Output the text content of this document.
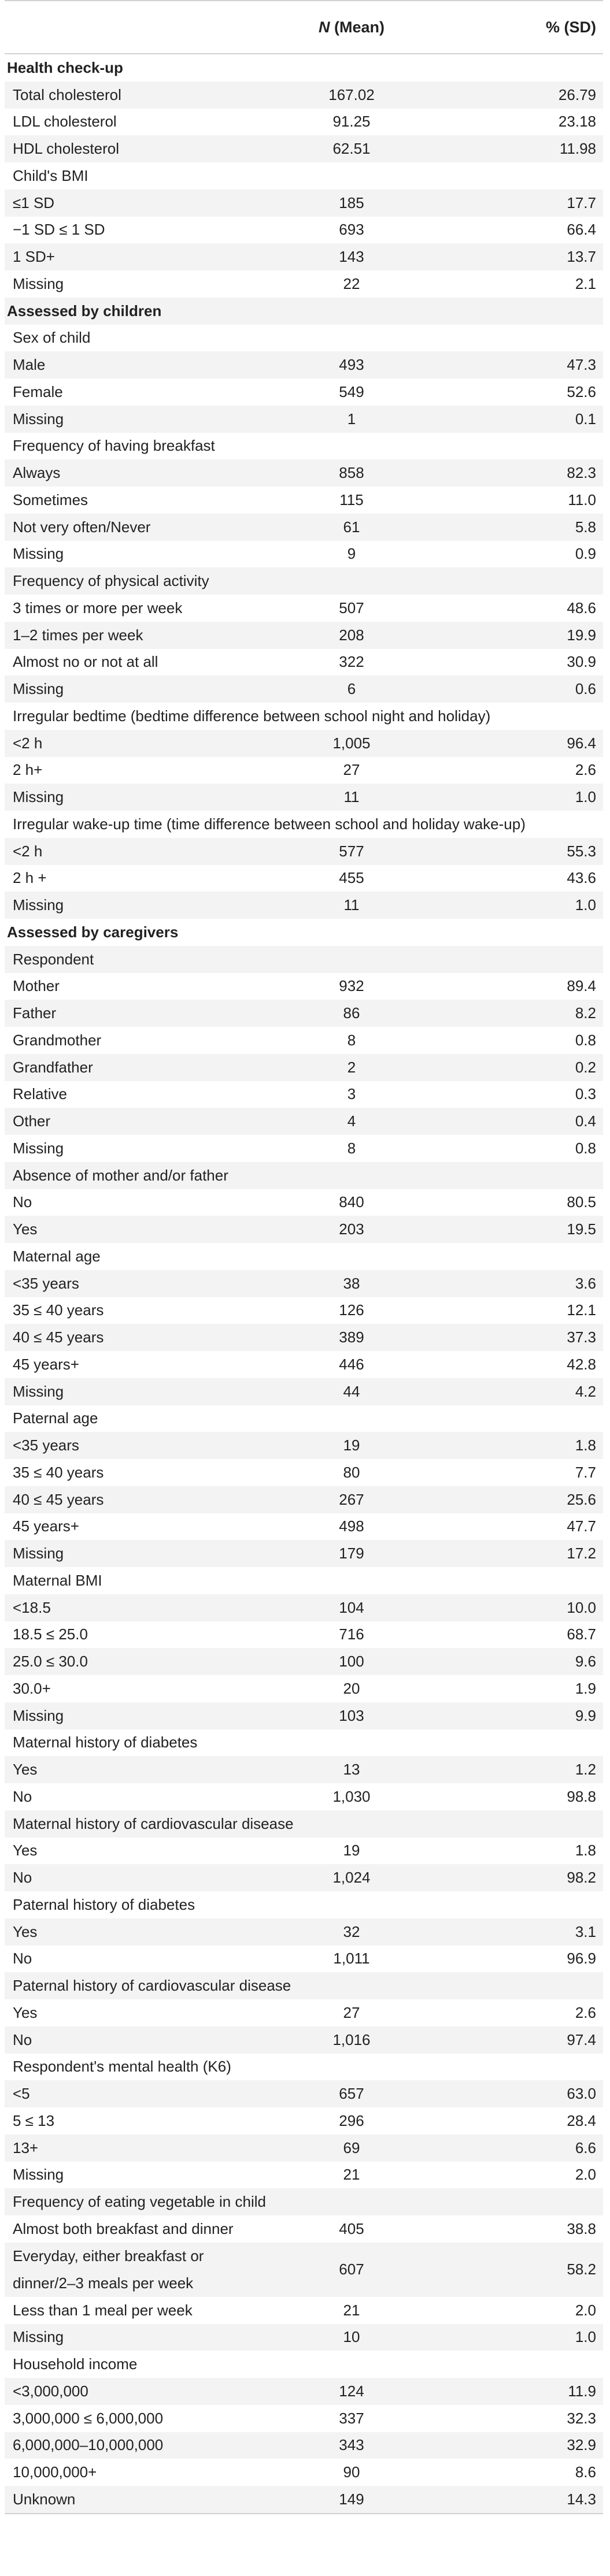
	N (Mean)	% (SD)
Health check-up		
Total cholesterol	167.02	26.79
LDL cholesterol	91.25	23.18
HDL cholesterol	62.51	11.98
Child's BMI		
≤1 SD	185	17.7
−1 SD ≤ 1 SD	693	66.4
1 SD+	143	13.7
Missing	22	2.1
Assessed by children		
Sex of child		
Male	493	47.3
Female	549	52.6
Missing	1	0.1
Frequency of having breakfast		
Always	858	82.3
Sometimes	115	11.0
Not very often/Never	61	5.8
Missing	9	0.9
Frequency of physical activity		
3 times or more per week	507	48.6
1–2 times per week	208	19.9
Almost no or not at all	322	30.9
Missing	6	0.6
Irregular bedtime (bedtime difference between school night and holiday)		
<2 h	1,005	96.4
2 h+	27	2.6
Missing	11	1.0
Irregular wake-up time (time difference between school and holiday wake-up)		
<2 h	577	55.3
2 h +	455	43.6
Missing	11	1.0
Assessed by caregivers		
Respondent		
Mother	932	89.4
Father	86	8.2
Grandmother	8	0.8
Grandfather	2	0.2
Relative	3	0.3
Other	4	0.4
Missing	8	0.8
Absence of mother and/or father		
No	840	80.5
Yes	203	19.5
Maternal age		
<35 years	38	3.6
35 ≤ 40 years	126	12.1
40 ≤ 45 years	389	37.3
45 years+	446	42.8
Missing	44	4.2
Paternal age		
<35 years	19	1.8
35 ≤ 40 years	80	7.7
40 ≤ 45 years	267	25.6
45 years+	498	47.7
Missing	179	17.2
Maternal BMI		
<18.5	104	10.0
18.5 ≤ 25.0	716	68.7
25.0 ≤ 30.0	100	9.6
30.0+	20	1.9
Missing	103	9.9
Maternal history of diabetes		
Yes	13	1.2
No	1,030	98.8
Maternal history of cardiovascular disease		
Yes	19	1.8
No	1,024	98.2
Paternal history of diabetes		
Yes	32	3.1
No	1,011	96.9
Paternal history of cardiovascular disease		
Yes	27	2.6
No	1,016	97.4
Respondent's mental health (K6)		
<5	657	63.0
5 ≤ 13	296	28.4
13+	69	6.6
Missing	21	2.0
Frequency of eating vegetable in child		
Almost both breakfast and dinner	405	38.8
Everyday, either breakfast or dinner/2–3 meals per week	607	58.2
Less than 1 meal per week	21	2.0
Missing	10	1.0
Household income		
<3,000,000	124	11.9
3,000,000 ≤ 6,000,000	337	32.3
6,000,000–10,000,000	343	32.9
10,000,000+	90	8.6
Unknown	149	14.3
